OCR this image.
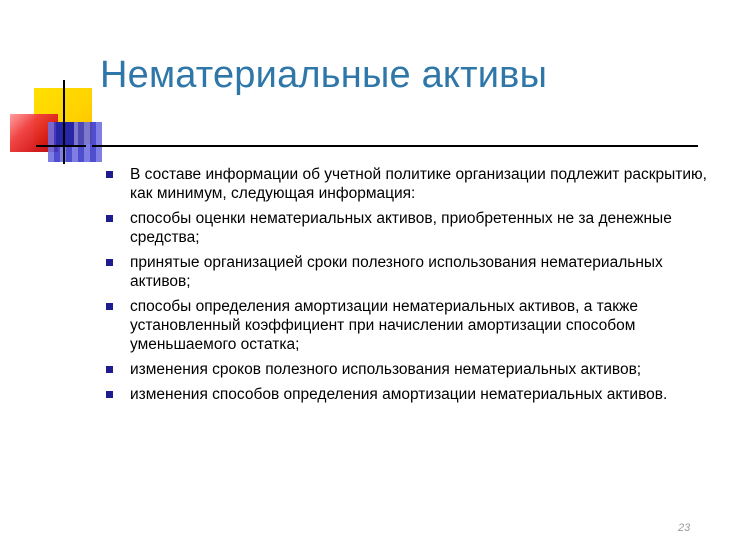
Нематериальные активы
В составе информации об учетной политике организации подлежит раскрытию, как минимум, следующая информация:
способы оценки нематериальных активов, приобретенных не за денежные средства;
принятые организацией сроки полезного использования нематериальных активов;
способы определения амортизации нематериальных активов, а также установленный коэффициент при начислении амортизации способом уменьшаемого остатка;
изменения сроков полезного использования нематериальных активов;
изменения способов определения амортизации нематериальных активов.
23
